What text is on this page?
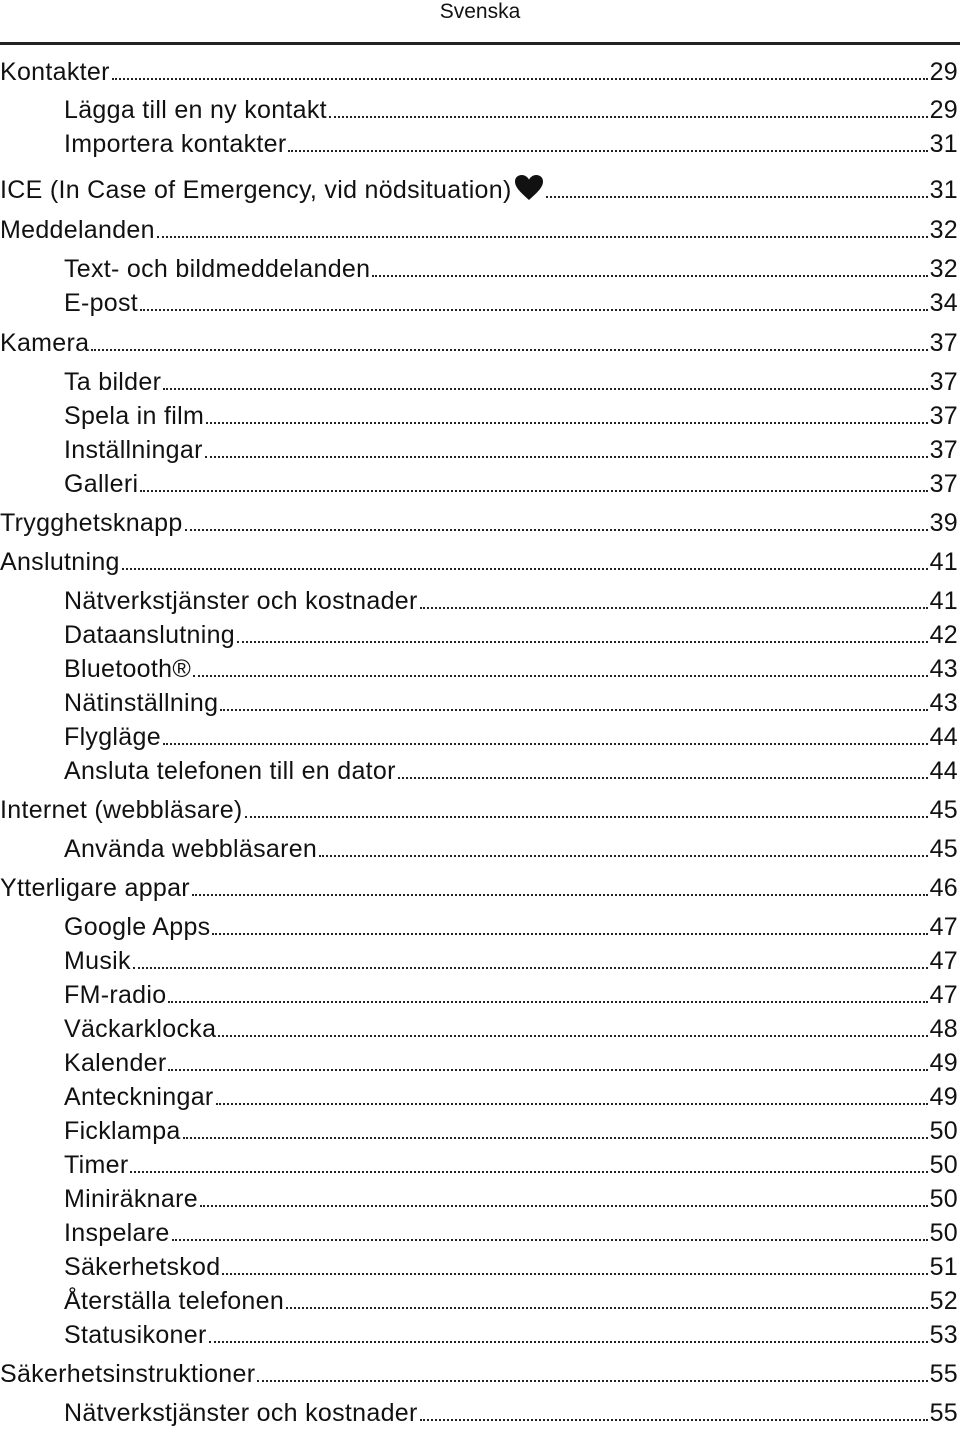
Svenska
Kontakter	29
Lägga till en ny kontakt	29
Importera kontakter	31
ICE (In Case of Emergency, vid nödsituation)	31
Meddelanden	32
Text- och bildmeddelanden	32
E-post	34
Kamera	37
Ta bilder	37
Spela in film	37
Inställningar	37
Galleri	37
Trygghetsknapp	39
Anslutning	41
Nätverkstjänster och kostnader	41
Dataanslutning	42
Bluetooth®	43
Nätinställning	43
Flygläge	44
Ansluta telefonen till en dator	44
Internet (webbläsare)	45
Använda webbläsaren	45
Ytterligare appar	46
Google Apps	47
Musik	47
FM-radio	47
Väckarklocka	48
Kalender	49
Anteckningar	49
Ficklampa	50
Timer	50
Miniräknare	50
Inspelare	50
Säkerhetskod	51
Återställa telefonen	52
Statusikoner	53
Säkerhetsinstruktioner	55
Nätverkstjänster och kostnader	55
